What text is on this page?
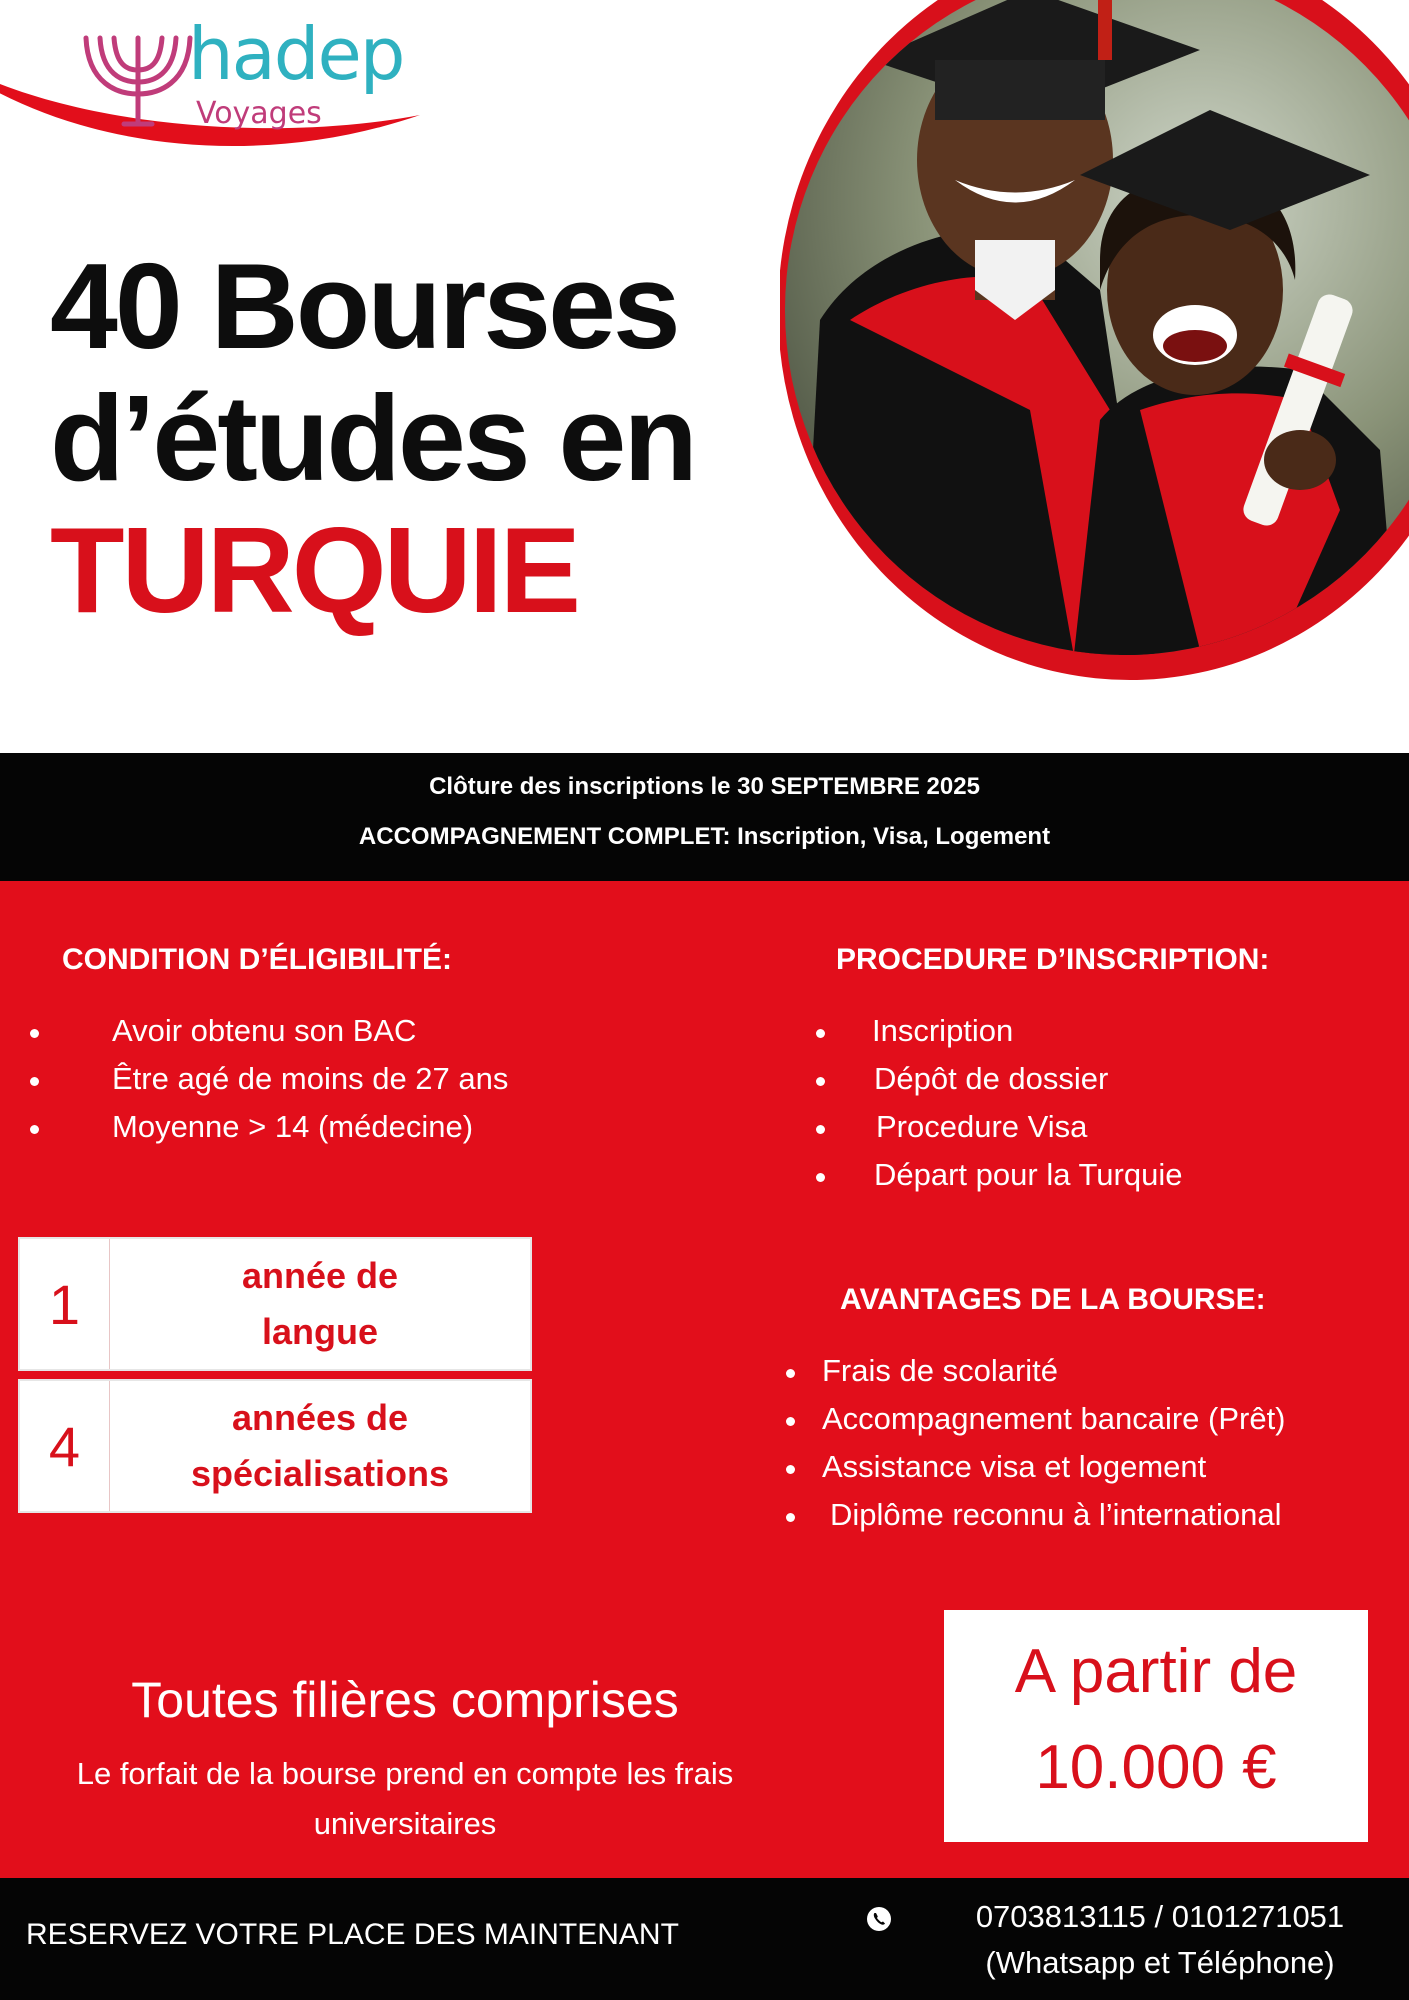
hadep
Voyages
40 Bourses
d’études en
TURQUIE
Clôture des inscriptions le 30 SEPTEMBRE 2025
ACCOMPAGNEMENT COMPLET: Inscription, Visa, Logement
CONDITION D’ÉLIGIBILITÉ:
Avoir obtenu son BAC
Être agé de moins de 27 ans
Moyenne > 14 (médecine)
PROCEDURE D’INSCRIPTION:
Inscription
Dépôt de dossier
Procedure Visa
Départ pour la Turquie
1	année de
langue
4	années de
spécialisations
AVANTAGES DE LA BOURSE:
Frais de scolarité
Accompagnement bancaire (Prêt)
Assistance visa et logement
Diplôme reconnu à l’international
Toutes filières comprises
Le forfait de la bourse prend en compte les frais
universitaires
A partir de
10.000 €
RESERVEZ VOTRE PLACE DES MAINTENANT
0703813115 / 0101271051
(Whatsapp et Téléphone)
